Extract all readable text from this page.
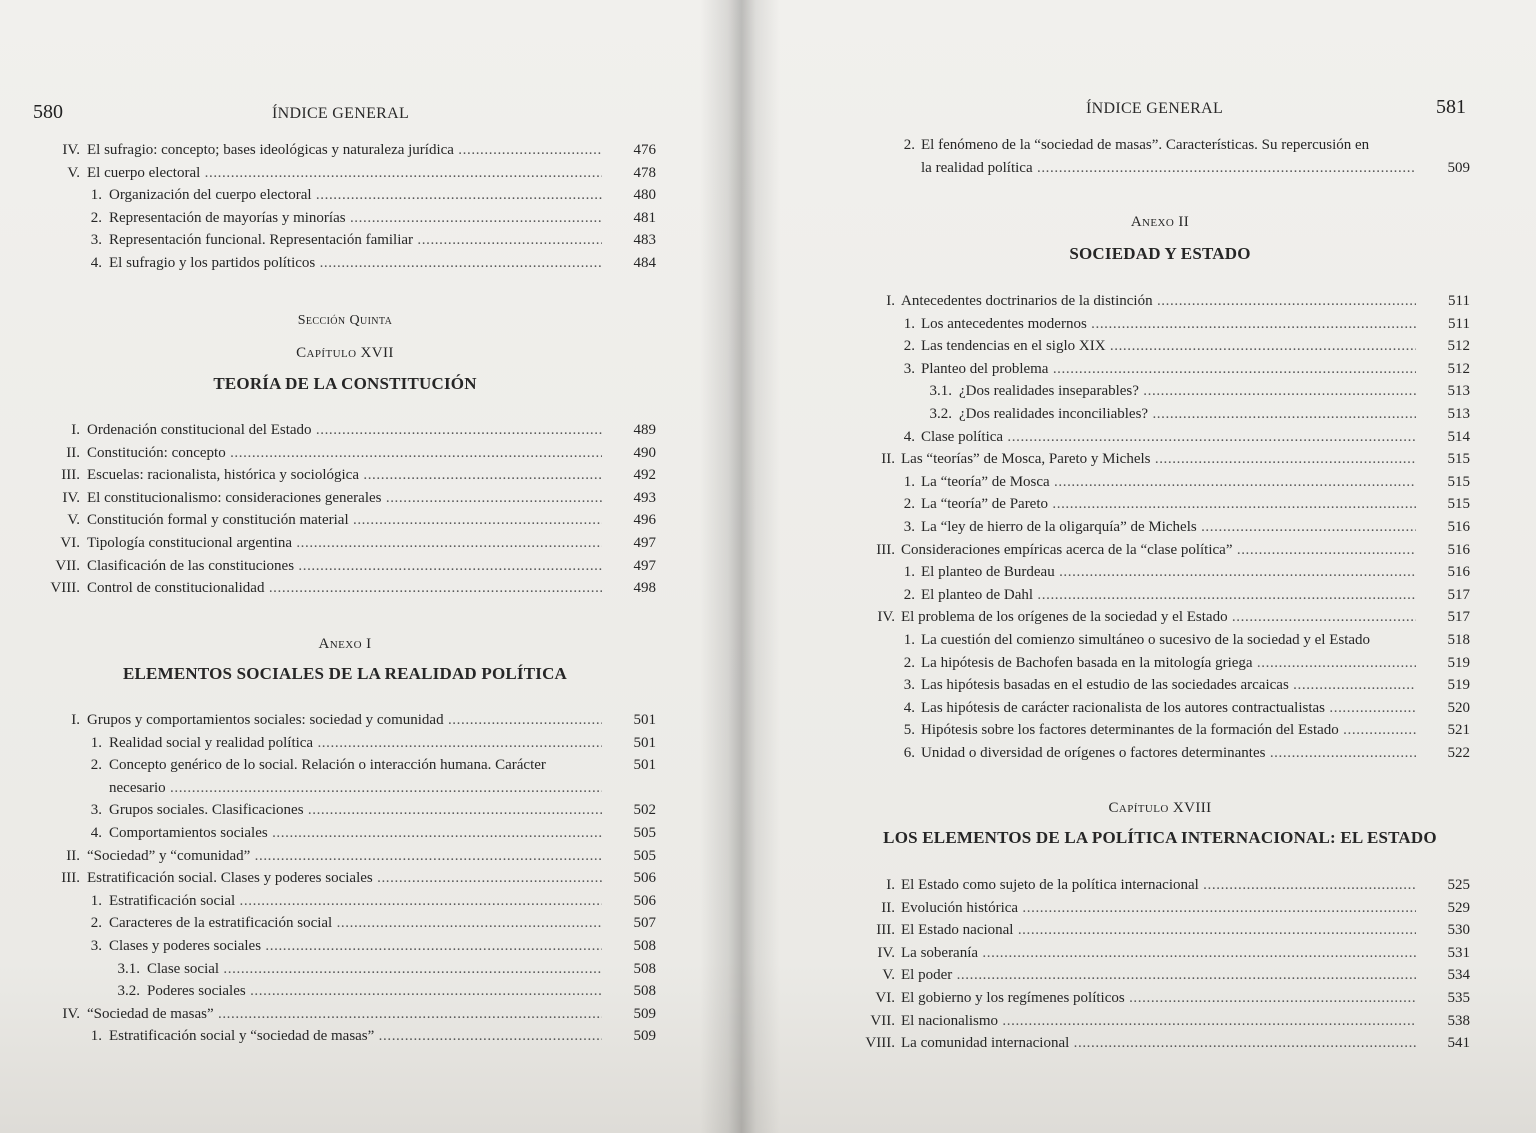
580	ÍNDICE GENERAL
IV. El sufragio: concepto; bases ideológicas y naturaleza jurídica .....	476
V. El cuerpo electoral .....	478
1. Organización del cuerpo electoral .....	480
2. Representación de mayorías y minorías .....	481
3. Representación funcional. Representación familiar .....	483
4. El sufragio y los partidos políticos .....	484
Sección Quinta
Capítulo XVII
TEORÍA DE LA CONSTITUCIÓN
I. Ordenación constitucional del Estado .....	489
II. Constitución: concepto .....	490
III. Escuelas: racionalista, histórica y sociológica .....	492
IV. El constitucionalismo: consideraciones generales .....	493
V. Constitución formal y constitución material .....	496
VI. Tipología constitucional argentina .....	497
VII. Clasificación de las constituciones .....	497
VIII. Control de constitucionalidad .....	498
Anexo I
ELEMENTOS SOCIALES DE LA REALIDAD POLÍTICA
I. Grupos y comportamientos sociales: sociedad y comunidad .....	501
1. Realidad social y realidad política .....	501
2. Concepto genérico de lo social. Relación o interacción humana. Carácter	501
necesario .....
3. Grupos sociales. Clasificaciones .....	502
4. Comportamientos sociales .....	505
II. “Sociedad” y “comunidad” .....	505
III. Estratificación social. Clases y poderes sociales .....	506
1. Estratificación social .....	506
2. Caracteres de la estratificación social .....	507
3. Clases y poderes sociales .....	508
3.1. Clase social .....	508
3.2. Poderes sociales .....	508
IV. “Sociedad de masas” .....	509
1. Estratificación social y “sociedad de masas” .....	509
ÍNDICE GENERAL	581
2. El fenómeno de la “sociedad de masas”. Características. Su repercusión en
la realidad política .....	509
Anexo II
SOCIEDAD Y ESTADO
I. Antecedentes doctrinarios de la distinción .....	511
1. Los antecedentes modernos .....	511
2. Las tendencias en el siglo XIX .....	512
3. Planteo del problema .....	512
3.1. ¿Dos realidades inseparables? .....	513
3.2. ¿Dos realidades inconciliables? .....	513
4. Clase política .....	514
II. Las “teorías” de Mosca, Pareto y Michels .....	515
1. La “teoría” de Mosca .....	515
2. La “teoría” de Pareto .....	515
3. La “ley de hierro de la oligarquía” de Michels .....	516
III. Consideraciones empíricas acerca de la “clase política” .....	516
1. El planteo de Burdeau .....	516
2. El planteo de Dahl .....	517
IV. El problema de los orígenes de la sociedad y el Estado .....	517
1. La cuestión del comienzo simultáneo o sucesivo de la sociedad y el Estado	518
2. La hipótesis de Bachofen basada en la mitología griega .....	519
3. Las hipótesis basadas en el estudio de las sociedades arcaicas .....	519
4. Las hipótesis de carácter racionalista de los autores contractualistas .....	520
5. Hipótesis sobre los factores determinantes de la formación del Estado .....	521
6. Unidad o diversidad de orígenes o factores determinantes .....	522
Capítulo XVIII
LOS ELEMENTOS DE LA POLÍTICA INTERNACIONAL: EL ESTADO
I. El Estado como sujeto de la política internacional .....	525
II. Evolución histórica .....	529
III. El Estado nacional .....	530
IV. La soberanía .....	531
V. El poder .....	534
VI. El gobierno y los regímenes políticos .....	535
VII. El nacionalismo .....	538
VIII. La comunidad internacional .....	541
